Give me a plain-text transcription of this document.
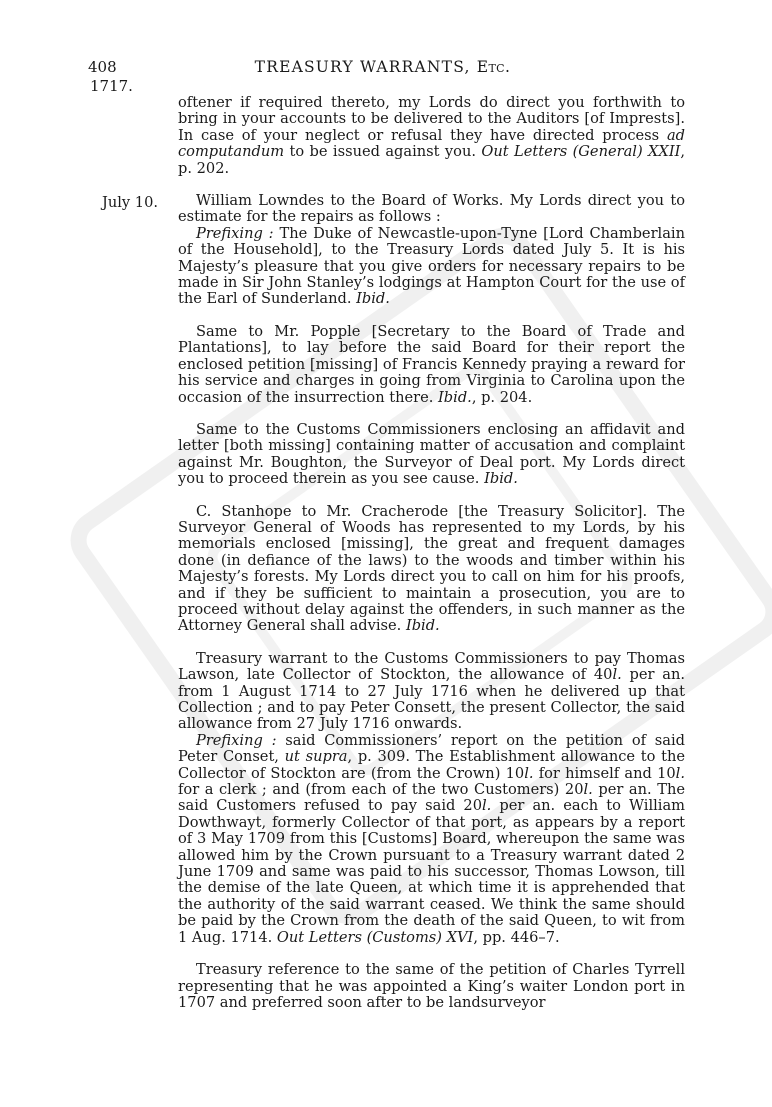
408
1717.
TREASURY WARRANTS, Etc.
July 10.

oftener if required thereto, my Lords do direct you forthwith to bring in your accounts to be delivered to the Auditors [of Imprests]. In case of your neglect or refusal they have directed process ad computandum to be issued against you. Out Letters (General) XXII, p. 202.

William Lowndes to the Board of Works. My Lords direct you to estimate for the repairs as follows :

Prefixing : The Duke of Newcastle-upon-Tyne [Lord Chamberlain of the Household], to the Treasury Lords dated July 5. It is his Majesty’s pleasure that you give orders for necessary repairs to be made in Sir John Stanley’s lodgings at Hampton Court for the use of the Earl of Sunderland. Ibid.

Same to Mr. Popple [Secretary to the Board of Trade and Plantations], to lay before the said Board for their report the enclosed petition [missing] of Francis Kennedy praying a reward for his service and charges in going from Virginia to Carolina upon the occasion of the insurrection there. Ibid., p. 204.

Same to the Customs Commissioners enclosing an affidavit and letter [both missing] containing matter of accusation and complaint against Mr. Boughton, the Surveyor of Deal port. My Lords direct you to proceed therein as you see cause. Ibid.

C. Stanhope to Mr. Cracherode [the Treasury Solicitor]. The Surveyor General of Woods has represented to my Lords, by his memorials enclosed [missing], the great and frequent damages done (in defiance of the laws) to the woods and timber within his Majesty’s forests. My Lords direct you to call on him for his proofs, and if they be sufficient to maintain a prosecution, you are to proceed without delay against the offenders, in such manner as the Attorney General shall advise. Ibid.

Treasury warrant to the Customs Commissioners to pay Thomas Lawson, late Collector of Stockton, the allowance of 40l. per an. from 1 August 1714 to 27 July 1716 when he delivered up that Collection ; and to pay Peter Consett, the present Collector, the said allowance from 27 July 1716 onwards.

Prefixing : said Commissioners’ report on the petition of said Peter Conset, ut supra, p. 309. The Establishment allowance to the Collector of Stockton are (from the Crown) 10l. for himself and 10l. for a clerk ; and (from each of the two Customers) 20l. per an. The said Customers refused to pay said 20l. per an. each to William Dowthwayt, formerly Collector of that port, as appears by a report of 3 May 1709 from this [Customs] Board, whereupon the same was allowed him by the Crown pursuant to a Treasury warrant dated 2 June 1709 and same was paid to his successor, Thomas Lowson, till the demise of the late Queen, at which time it is apprehended that the authority of the said warrant ceased. We think the same should be paid by the Crown from the death of the said Queen, to wit from 1 Aug. 1714. Out Letters (Customs) XVI, pp. 446–7.

Treasury reference to the same of the petition of Charles Tyrrell representing that he was appointed a King’s waiter London port in 1707 and preferred soon after to be landsurveyor
